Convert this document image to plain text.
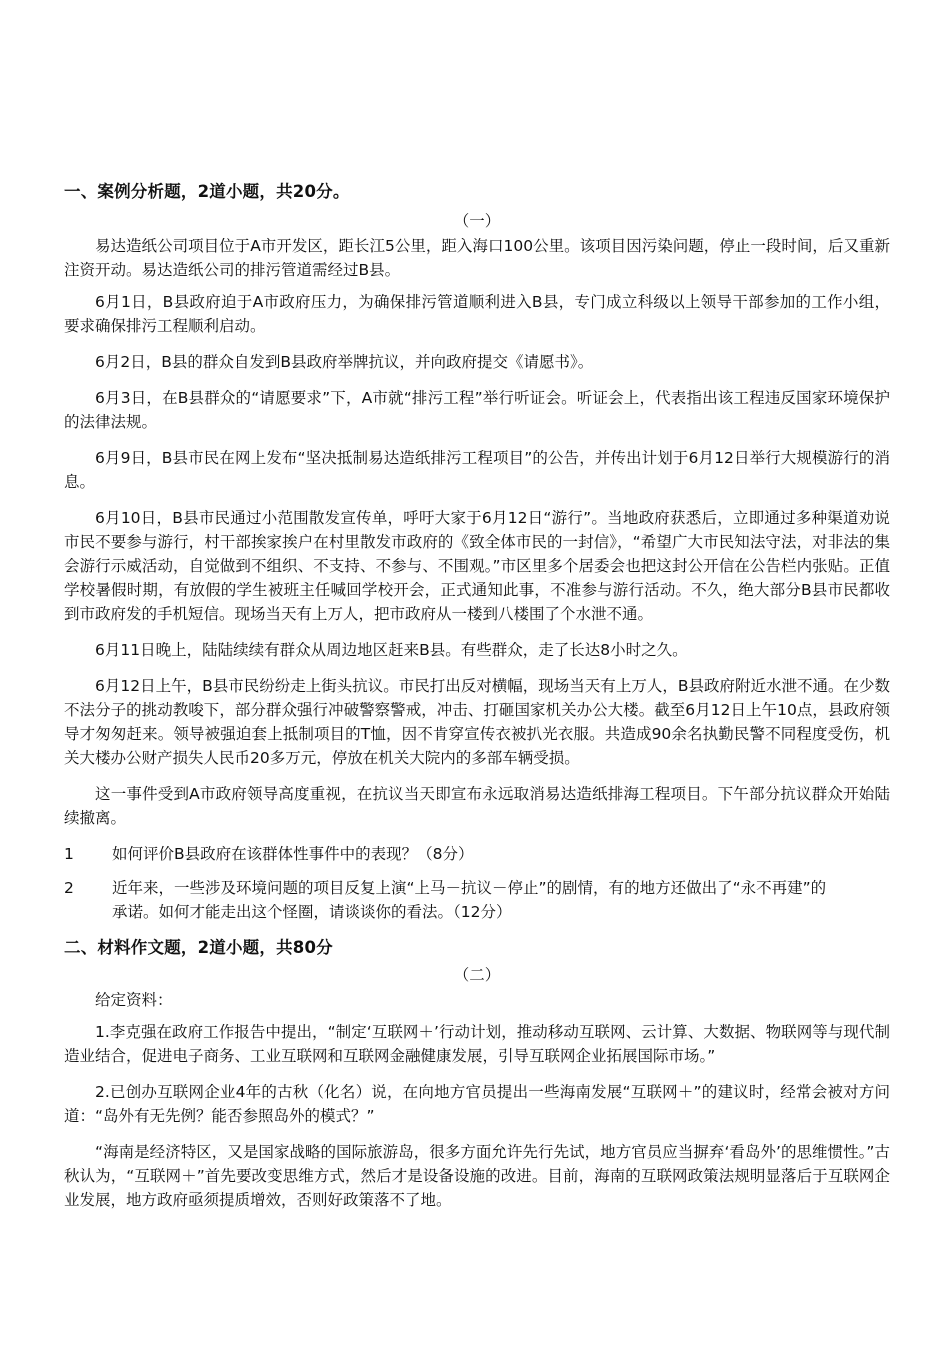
一、案例分析题，2道小题，共20分。

（一）

易达造纸公司项目位于A市开发区，距长江5公里，距入海口100公里。该项目因污染问题，停止一段时间，后又重新注资开动。易达造纸公司的排污管道需经过B县。

6月1日，B县政府迫于A市政府压力，为确保排污管道顺利进入B县，专门成立科级以上领导干部参加的工作小组，要求确保排污工程顺利启动。

6月2日，B县的群众自发到B县政府举牌抗议，并向政府提交《请愿书》。

6月3日，在B县群众的“请愿要求”下，A市就“排污工程”举行听证会。听证会上，代表指出该工程违反国家环境保护的法律法规。

6月9日，B县市民在网上发布“坚决抵制易达造纸排污工程项目”的公告，并传出计划于6月12日举行大规模游行的消息。

6月10日，B县市民通过小范围散发宣传单，呼吁大家于6月12日“游行”。当地政府获悉后，立即通过多种渠道劝说市民不要参与游行，村干部挨家挨户在村里散发市政府的《致全体市民的一封信》，“希望广大市民知法守法，对非法的集会游行示威活动，自觉做到不组织、不支持、不参与、不围观。”市区里多个居委会也把这封公开信在公告栏内张贴。正值学校暑假时期，有放假的学生被班主任喊回学校开会，正式通知此事，不准参与游行活动。不久，绝大部分B县市民都收到市政府发的手机短信。现场当天有上万人，把市政府从一楼到八楼围了个水泄不通。

6月11日晚上，陆陆续续有群众从周边地区赶来B县。有些群众，走了长达8小时之久。

6月12日上午，B县市民纷纷走上街头抗议。市民打出反对横幅，现场当天有上万人，B县政府附近水泄不通。在少数不法分子的挑动教唆下，部分群众强行冲破警察警戒，冲击、打砸国家机关办公大楼。截至6月12日上午10点，县政府领导才匆匆赶来。领导被强迫套上抵制项目的T恤，因不肯穿宣传衣被扒光衣服。共造成90余名执勤民警不同程度受伤，机关大楼办公财产损失人民币20多万元，停放在机关大院内的多部车辆受损。

这一事件受到A市政府领导高度重视，在抗议当天即宣布永远取消易达造纸排海工程项目。下午部分抗议群众开始陆续撤离。

1	如何评价B县政府在该群体性事件中的表现？（8分）
2	近年来，一些涉及环境问题的项目反复上演“上马－抗议－停止”的剧情，有的地方还做出了“永不再建”的承诺。如何才能走出这个怪圈，请谈谈你的看法。（12分）
二、材料作文题，2道小题，共80分

（二）

给定资料：

1.李克强在政府工作报告中提出，“制定‘互联网＋’行动计划，推动移动互联网、云计算、大数据、物联网等与现代制造业结合，促进电子商务、工业互联网和互联网金融健康发展，引导互联网企业拓展国际市场。”

2.已创办互联网企业4年的古秋（化名）说，在向地方官员提出一些海南发展“互联网＋”的建议时，经常会被对方问道：“岛外有无先例？能否参照岛外的模式？”

“海南是经济特区，又是国家战略的国际旅游岛，很多方面允许先行先试，地方官员应当摒弃‘看岛外’的思维惯性。”古秋认为，“互联网＋”首先要改变思维方式，然后才是设备设施的改进。目前，海南的互联网政策法规明显落后于互联网企业发展，地方政府亟须提质增效，否则好政策落不了地。
